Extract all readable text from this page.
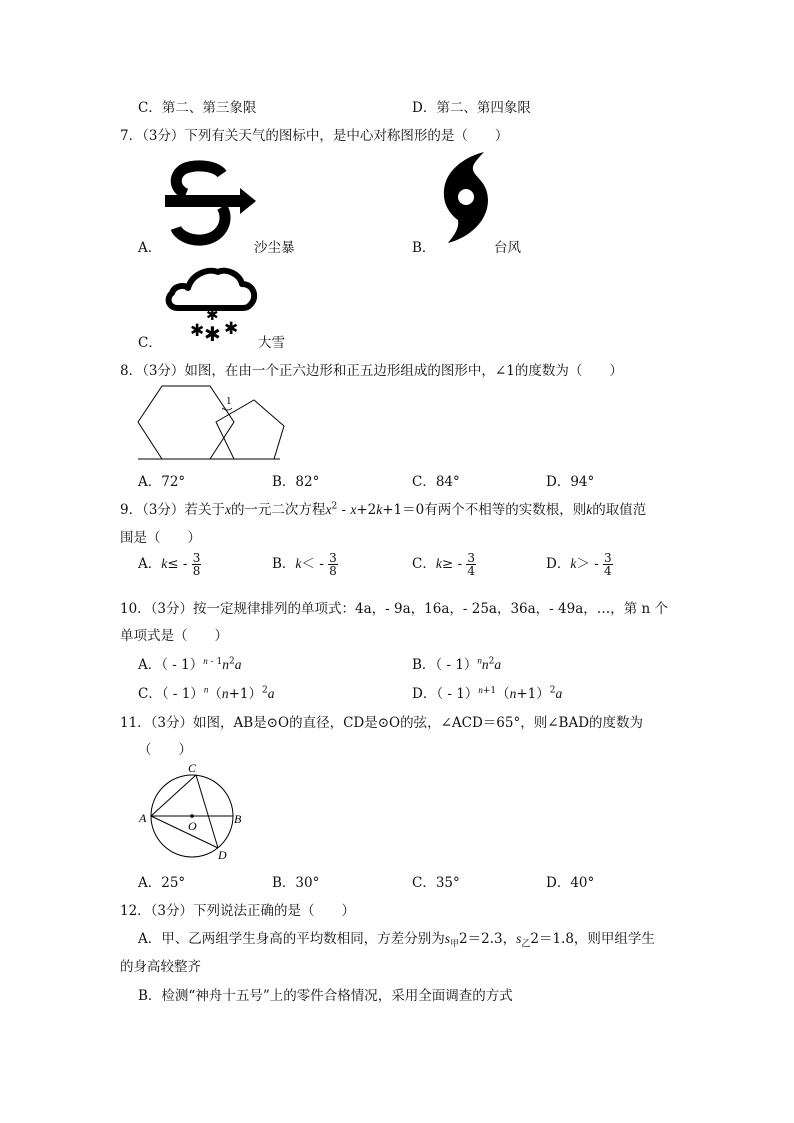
C．第二、第三象限	D．第二、第四象限
7．（3分）下列有关天气的图标中，是中心对称图形的是（　　）
A．	沙尘暴	B．	台风
✱ ✱ ✱
✱
C．	大雪
8．（3分）如图，在由一个正六边形和正五边形组成的图形中，∠1的度数为（　　）
1
A．72°	B．82°	C．84°	D．94°
9．（3分）若关于x的一元二次方程$x^2 - x+2k+1=0$有两个不相等的实数根，则k的取值范
围是（　　）
A．$k\le - \frac{3}{8}$	B．$k< - \frac{3}{8}$	C．$k\ge - \frac{3}{4}$	D．$k> - \frac{3}{4}$
10．（3分）按一定规律排列的单项式：4a，- 9a，16a，- 25a，36a，- 49a，…，第 n 个
单项式是（　　）
A．（ - $1)^{n - 1}n^2a$	B．（ - $1)^nn^2a$
C．（ - $1)^n(n+1)^2a$	D．（ - $1)^{n+1}(n+1)^2a$
11．（3分）如图，AB是⊙O的直径，CD是⊙O的弦，∠ACD＝65°，则∠BAD的度数为
（　　）
C
A	B
O
D
A．25°	B．30°	C．35°	D．40°
12．（3分）下列说法正确的是（　　）
A．甲、乙两组学生身高的平均数相同，方差分别为$s_甲2=2.3$，$s_乙2=1.8$，则甲组学生
的身高较整齐
B．检测“神舟十五号”上的零件合格情况，采用全面调查的方式
